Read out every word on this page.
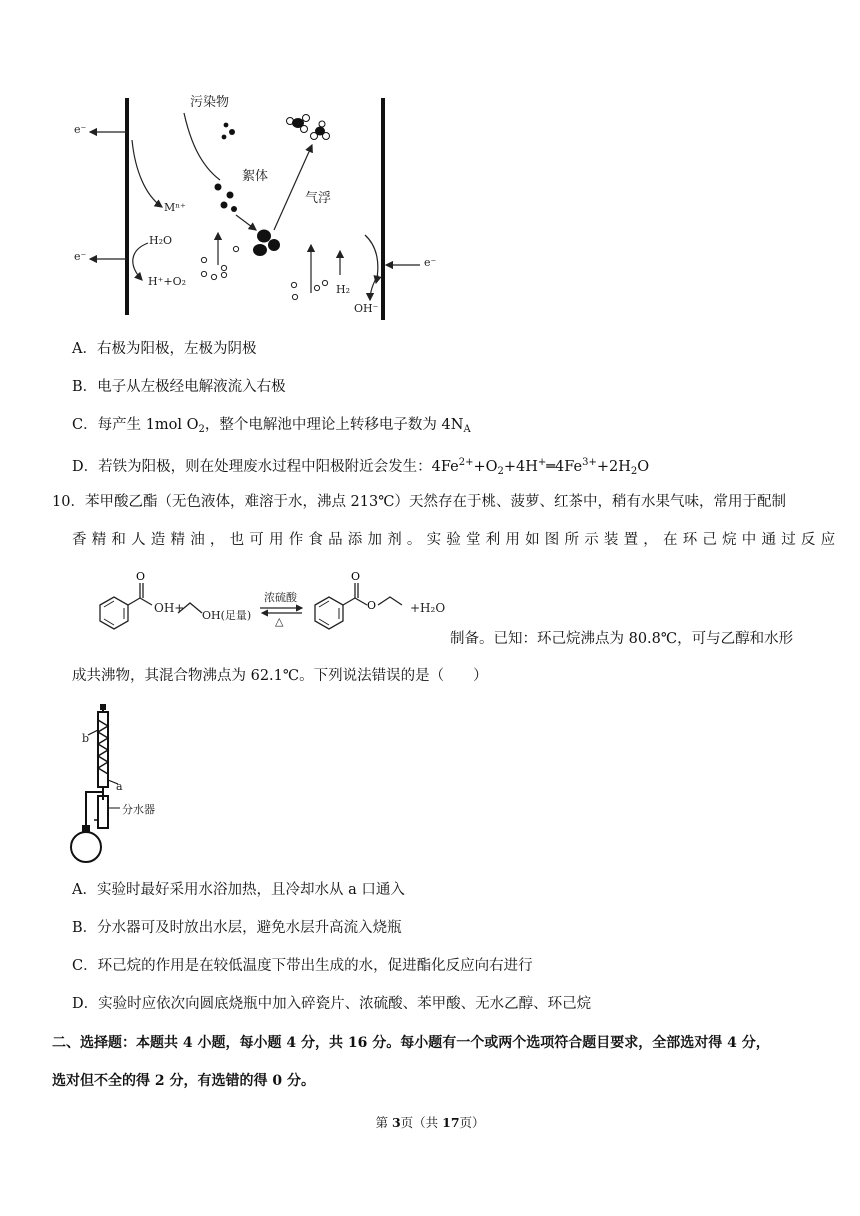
污染物
絮体
气浮
e⁻
e⁻	e⁻
Mⁿ⁺
H₂O
H⁺+O₂
H₂
OH⁻
A．右极为阳极，左极为阴极
B．电子从左极经电解液流入右极
C．每产生 1mol $O_2$，整个电解池中理论上转移电子数为 $4N_A$
D．若铁为阳极，则在处理废水过程中阳极附近会发生：$4Fe^{2+}+O_2+4H^+═4Fe^{3+}+2H_2O$
10．苯甲酸乙酯（无色液体，难溶于水，沸点 213℃）天然存在于桃、菠萝、红茶中，稍有水果气味，常用于配制
香精和人造精油，也可用作食品添加剂。实验堂利用如图所示装置，在环己烷中通过反应
O	O
O
OH+
OH(足量)
浓硫酸
△
+H₂O
制备。已知：环己烷沸点为 80.8℃，可与乙醇和水形
成共沸物，其混合物沸点为 62.1℃。下列说法错误的是（　　）
b
a
分水器
A．实验时最好采用水浴加热，且冷却水从 a 口通入
B．分水器可及时放出水层，避免水层升高流入烧瓶
C．环己烷的作用是在较低温度下带出生成的水，促进酯化反应向右进行
D．实验时应依次向圆底烧瓶中加入碎瓷片、浓硫酸、苯甲酸、无水乙醇、环己烷
二、选择题：本题共 4 小题，每小题 4 分，共 16 分。每小题有一个或两个选项符合题目要求，全部选对得 4 分，
选对但不全的得 2 分，有选错的得 0 分。
第 3页（共 17页）
